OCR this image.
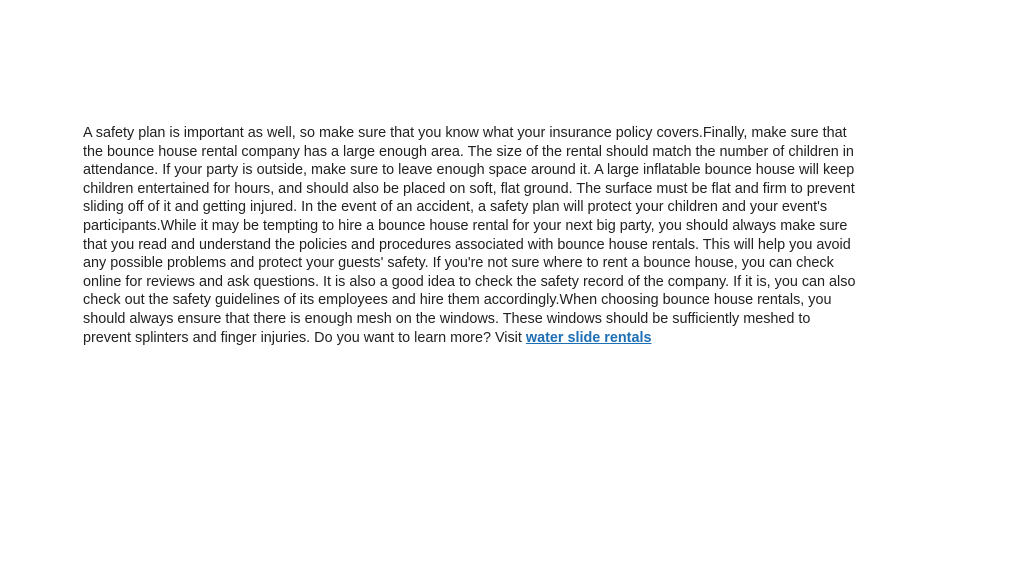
A safety plan is important as well, so make sure that you know what your insurance policy covers.Finally, make sure that
the bounce house rental company has a large enough area. The size of the rental should match the number of children in
attendance. If your party is outside, make sure to leave enough space around it. A large inflatable bounce house will keep
children entertained for hours, and should also be placed on soft, flat ground. The surface must be flat and firm to prevent
sliding off of it and getting injured. In the event of an accident, a safety plan will protect your children and your event's
participants.While it may be tempting to hire a bounce house rental for your next big party, you should always make sure
that you read and understand the policies and procedures associated with bounce house rentals. This will help you avoid
any possible problems and protect your guests' safety. If you're not sure where to rent a bounce house, you can check
online for reviews and ask questions. It is also a good idea to check the safety record of the company. If it is, you can also
check out the safety guidelines of its employees and hire them accordingly.When choosing bounce house rentals, you
should always ensure that there is enough mesh on the windows. These windows should be sufficiently meshed to
prevent splinters and finger injuries. Do you want to learn more? Visit water slide rentals
